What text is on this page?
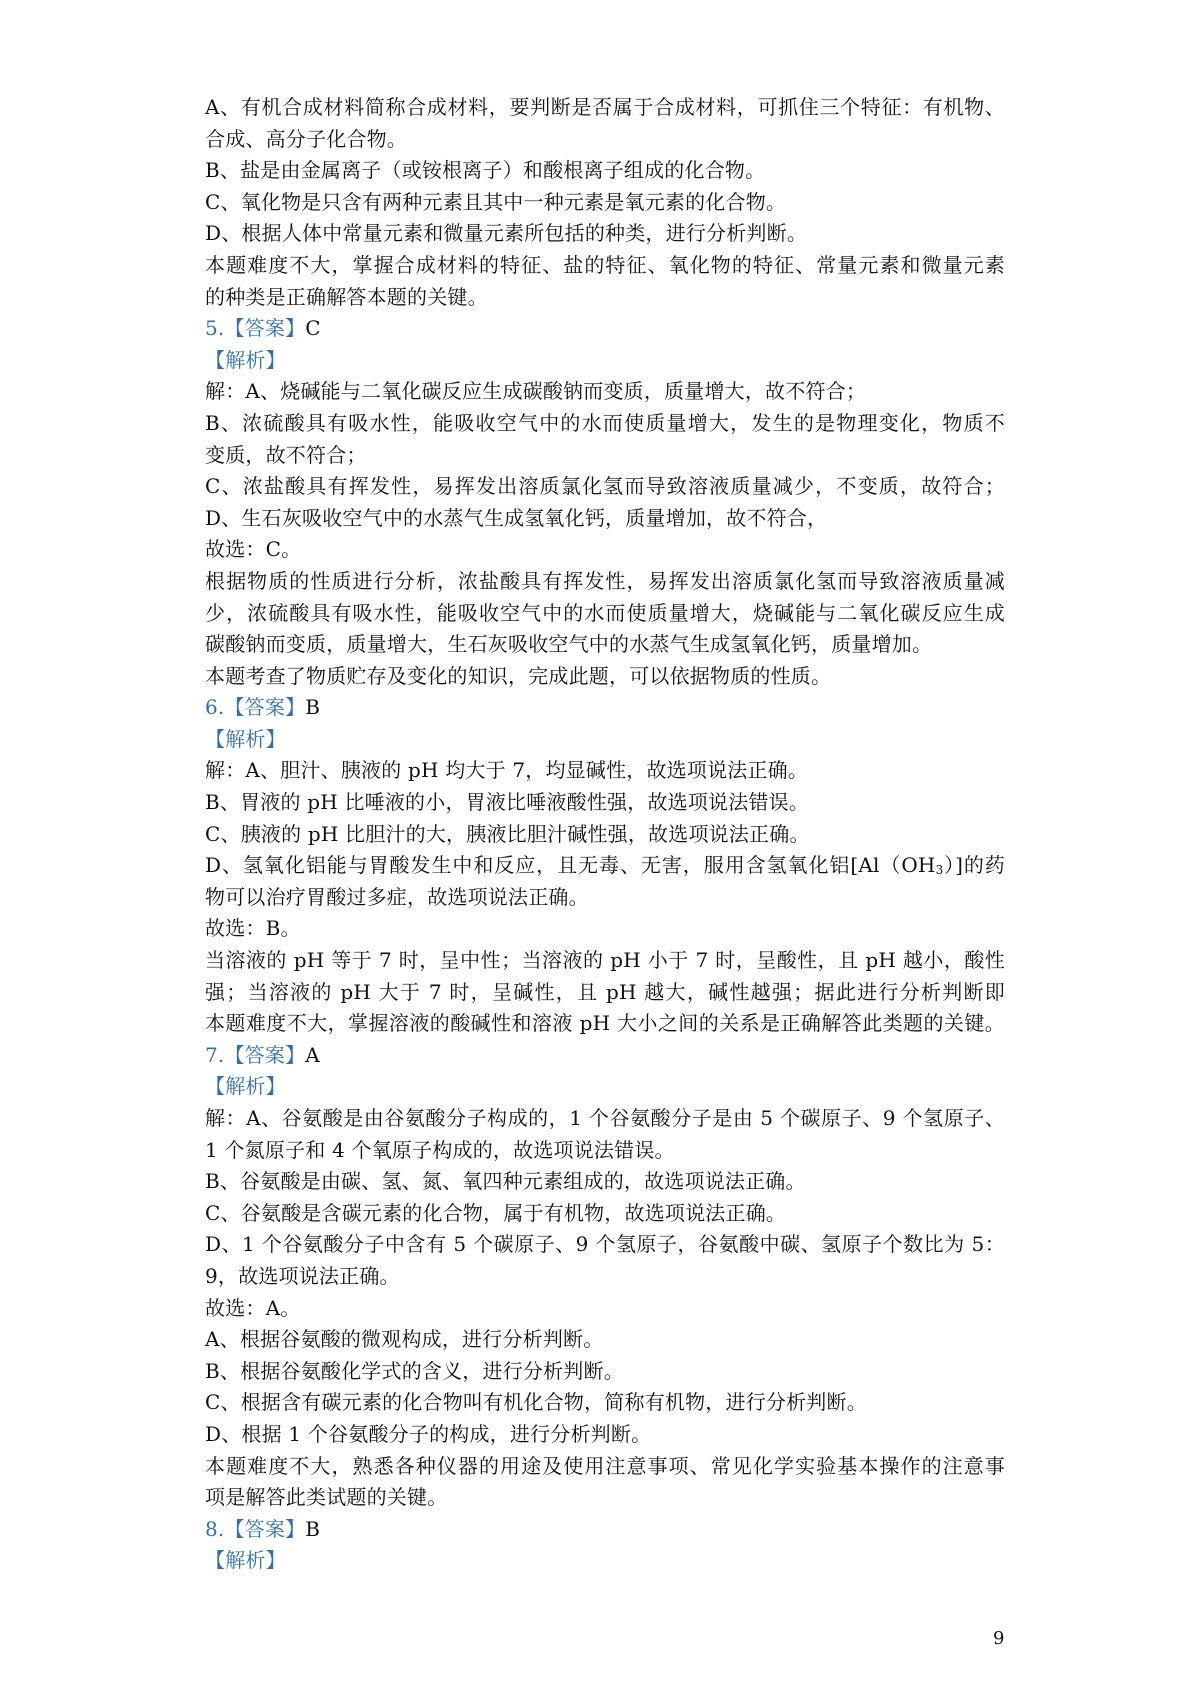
A、有机合成材料简称合成材料，要判断是否属于合成材料，可抓住三个特征：有机物、
合成、高分子化合物。
B、盐是由金属离子（或铵根离子）和酸根离子组成的化合物。
C、氧化物是只含有两种元素且其中一种元素是氧元素的化合物。
D、根据人体中常量元素和微量元素所包括的种类，进行分析判断。
本题难度不大，掌握合成材料的特征、盐的特征、氧化物的特征、常量元素和微量元素
的种类是正确解答本题的关键。
5.【答案】C
【解析】
解：A、烧碱能与二氧化碳反应生成碳酸钠而变质，质量增大，故不符合；
B、浓硫酸具有吸水性，能吸收空气中的水而使质量增大，发生的是物理变化，物质不
变质，故不符合；
C、浓盐酸具有挥发性，易挥发出溶质氯化氢而导致溶液质量减少，不变质，故符合；
D、生石灰吸收空气中的水蒸气生成氢氧化钙，质量增加，故不符合，
故选：C。
根据物质的性质进行分析，浓盐酸具有挥发性，易挥发出溶质氯化氢而导致溶液质量减
少，浓硫酸具有吸水性，能吸收空气中的水而使质量增大，烧碱能与二氧化碳反应生成
碳酸钠而变质，质量增大，生石灰吸收空气中的水蒸气生成氢氧化钙，质量增加。
本题考查了物质贮存及变化的知识，完成此题，可以依据物质的性质。
6.【答案】B
【解析】
解：A、胆汁、胰液的 pH 均大于 7，均显碱性，故选项说法正确。
B、胃液的 pH 比唾液的小，胃液比唾液酸性强，故选项说法错误。
C、胰液的 pH 比胆汁的大，胰液比胆汁碱性强，故选项说法正确。
D、氢氧化铝能与胃酸发生中和反应，且无毒、无害，服用含氢氧化铝[Al（OH3）]的药
物可以治疗胃酸过多症，故选项说法正确。
故选：B。
当溶液的 pH 等于 7 时，呈中性；当溶液的 pH 小于 7 时，呈酸性，且 pH 越小，酸性
强；当溶液的 pH 大于 7 时，呈碱性，且 pH 越大，碱性越强；据此进行分析判断即
本题难度不大，掌握溶液的酸碱性和溶液 pH 大小之间的关系是正确解答此类题的关键。
7.【答案】A
【解析】
解：A、谷氨酸是由谷氨酸分子构成的，1 个谷氨酸分子是由 5 个碳原子、9 个氢原子、
1 个氮原子和 4 个氧原子构成的，故选项说法错误。
B、谷氨酸是由碳、氢、氮、氧四种元素组成的，故选项说法正确。
C、谷氨酸是含碳元素的化合物，属于有机物，故选项说法正确。
D、1 个谷氨酸分子中含有 5 个碳原子、9 个氢原子，谷氨酸中碳、氢原子个数比为 5：
9，故选项说法正确。
故选：A。
A、根据谷氨酸的微观构成，进行分析判断。
B、根据谷氨酸化学式的含义，进行分析判断。
C、根据含有碳元素的化合物叫有机化合物，简称有机物，进行分析判断。
D、根据 1 个谷氨酸分子的构成，进行分析判断。
本题难度不大，熟悉各种仪器的用途及使用注意事项、常见化学实验基本操作的注意事
项是解答此类试题的关键。
8.【答案】B
【解析】
9
